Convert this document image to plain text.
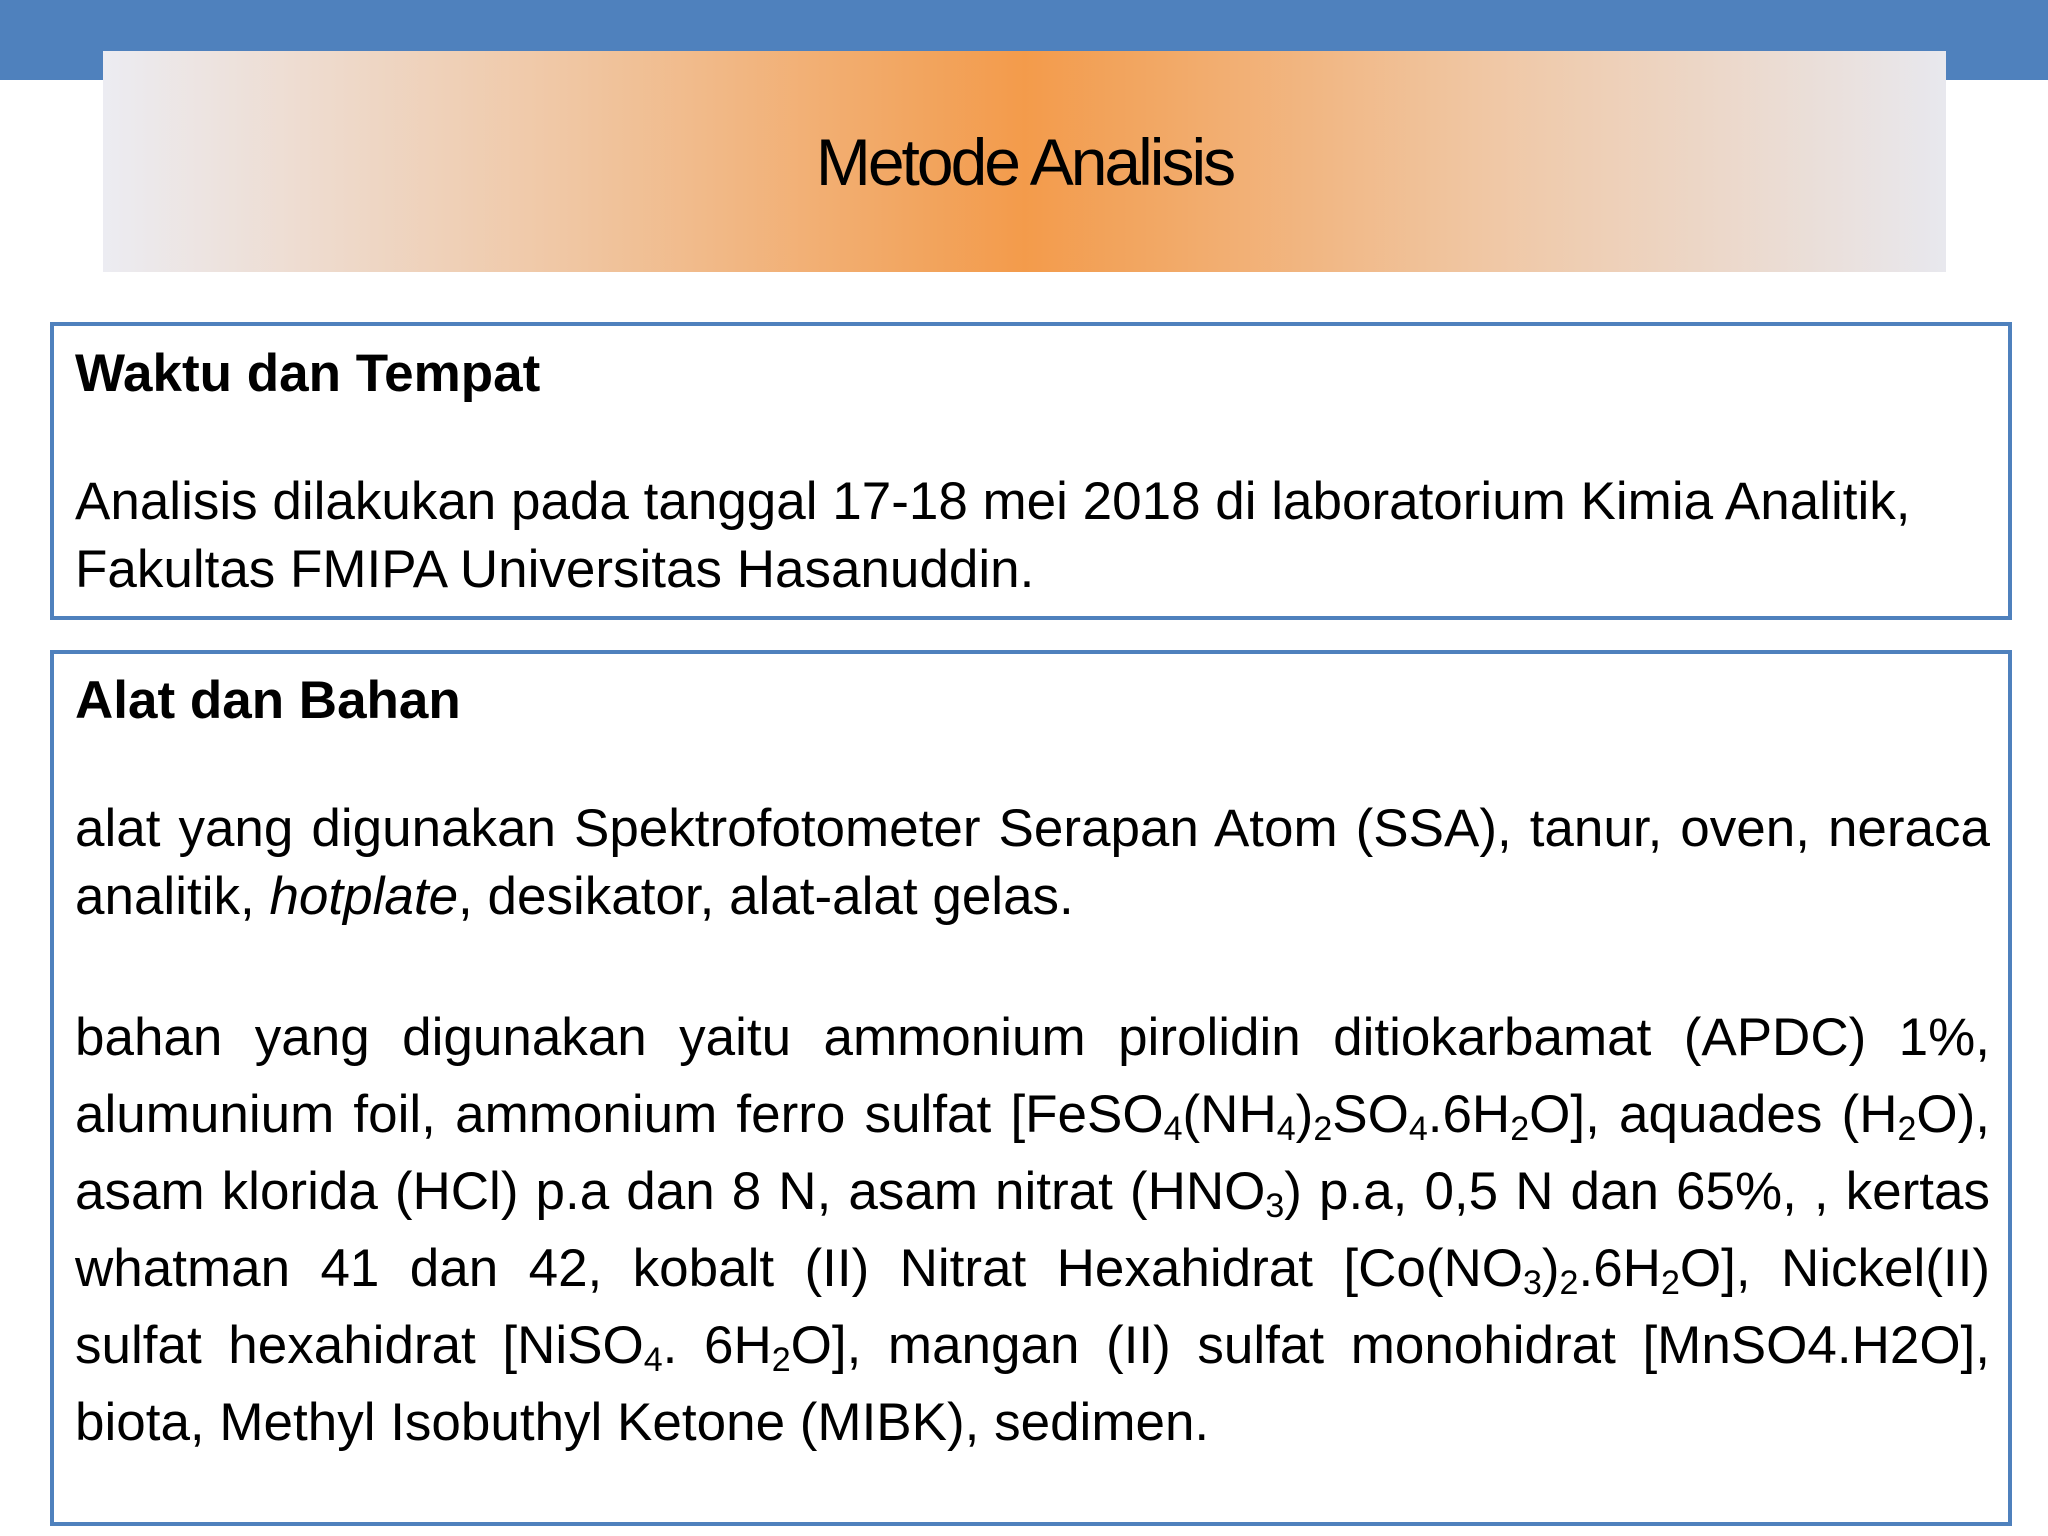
Metode Analisis

Waktu dan Tempat

Analisis dilakukan pada tanggal 17-18 mei 2018 di laboratorium Kimia Analitik, Fakultas FMIPA Universitas Hasanuddin.

Alat dan Bahan

alat yang digunakan Spektrofotometer Serapan Atom (SSA), tanur, oven, neraca analitik, hotplate, desikator, alat-alat gelas.

bahan yang digunakan yaitu ammonium pirolidin ditiokarbamat (APDC) 1%, alumunium foil, ammonium ferro sulfat $[FeSO_4(NH_4)_2SO_4.6H_2O]$, aquades $(H_2O)$, asam klorida (HCl) p.a dan 8 N, asam nitrat $(HNO_3)$ p.a, 0,5 N dan 65%, , kertas whatman 41 dan 42, kobalt (II) Nitrat Hexahidrat $[Co(NO_3)_2.6H_2O]$, Nickel(II) sulfat hexahidrat [NiSO$_4$. $6H_2O$], mangan (II) sulfat monohidrat [MnSO4.H2O], biota, Methyl Isobuthyl Ketone (MIBK), sedimen.
